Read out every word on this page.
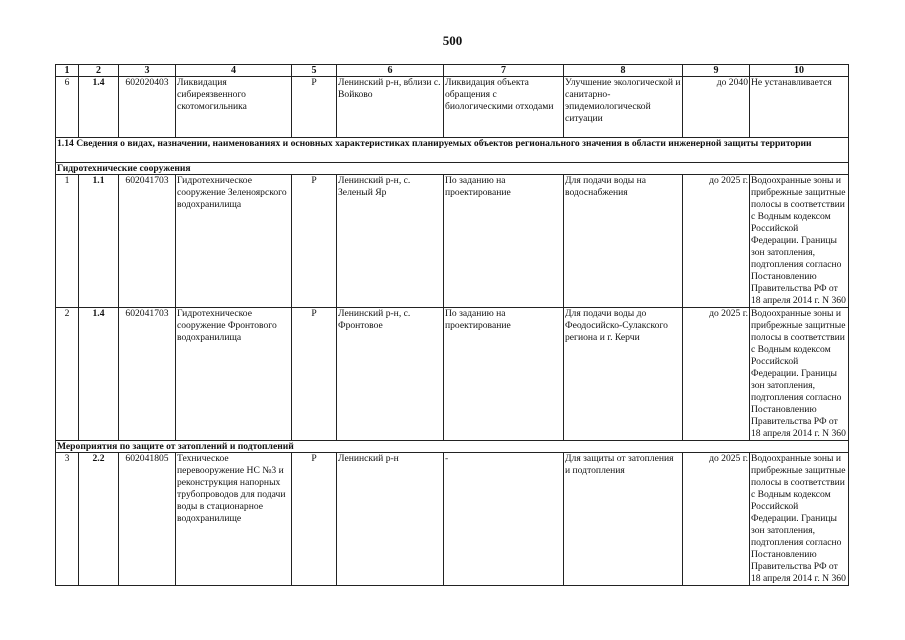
500
1	2	3	4	5	6	7	8	9	10
6	1.4	602020403	Ликвидация сибиреязвенного скотомогильника	Р	Ленинский р-н, вблизи с. Войково	Ликвидация объекта обращения с биологическими отходами	Улучшение экологической и санитарно-эпидемиологической ситуации	до 2040	Не устанавливается
1.14 Сведения о видах, назначении, наименованиях и основных характеристиках планируемых объектов регионального значения в области инженерной защиты территории									
Гидротехнические сооружения									
1	1.1	602041703	Гидротехническое сооружение Зеленоярского водохранилища	Р	Ленинский р-н, с. Зеленый Яр	По заданию на проектирование	Для подачи воды на водоснабжения	до 2025 г.	Водоохранные зоны и прибрежные защитные полосы в соответствии с Водным кодексом Российской Федерации. Границы зон затопления, подтопления согласно Постановлению Правительства РФ от 18 апреля 2014 г. N 360
2	1.4	602041703	Гидротехническое сооружение Фронтового водохранилища	Р	Ленинский р-н, с. Фронтовое	По заданию на проектирование	Для подачи воды до Феодосийско-Сулакского региона и г. Керчи	до 2025 г.	Водоохранные зоны и прибрежные защитные полосы в соответствии с Водным кодексом Российской Федерации. Границы зон затопления, подтопления согласно Постановлению Правительства РФ от 18 апреля 2014 г. N 360
Мероприятия по защите от затоплений и подтоплений									
3	2.2	602041805	Техническое перевооружение НС №3 и реконструкция напорных трубопроводов для подачи воды в стационарное водохранилище	Р	Ленинский р-н	-	Для защиты от затопления и подтопления	до 2025 г.	Водоохранные зоны и прибрежные защитные полосы в соответствии с Водным кодексом Российской Федерации. Границы зон затопления, подтопления согласно Постановлению Правительства РФ от 18 апреля 2014 г. N 360
